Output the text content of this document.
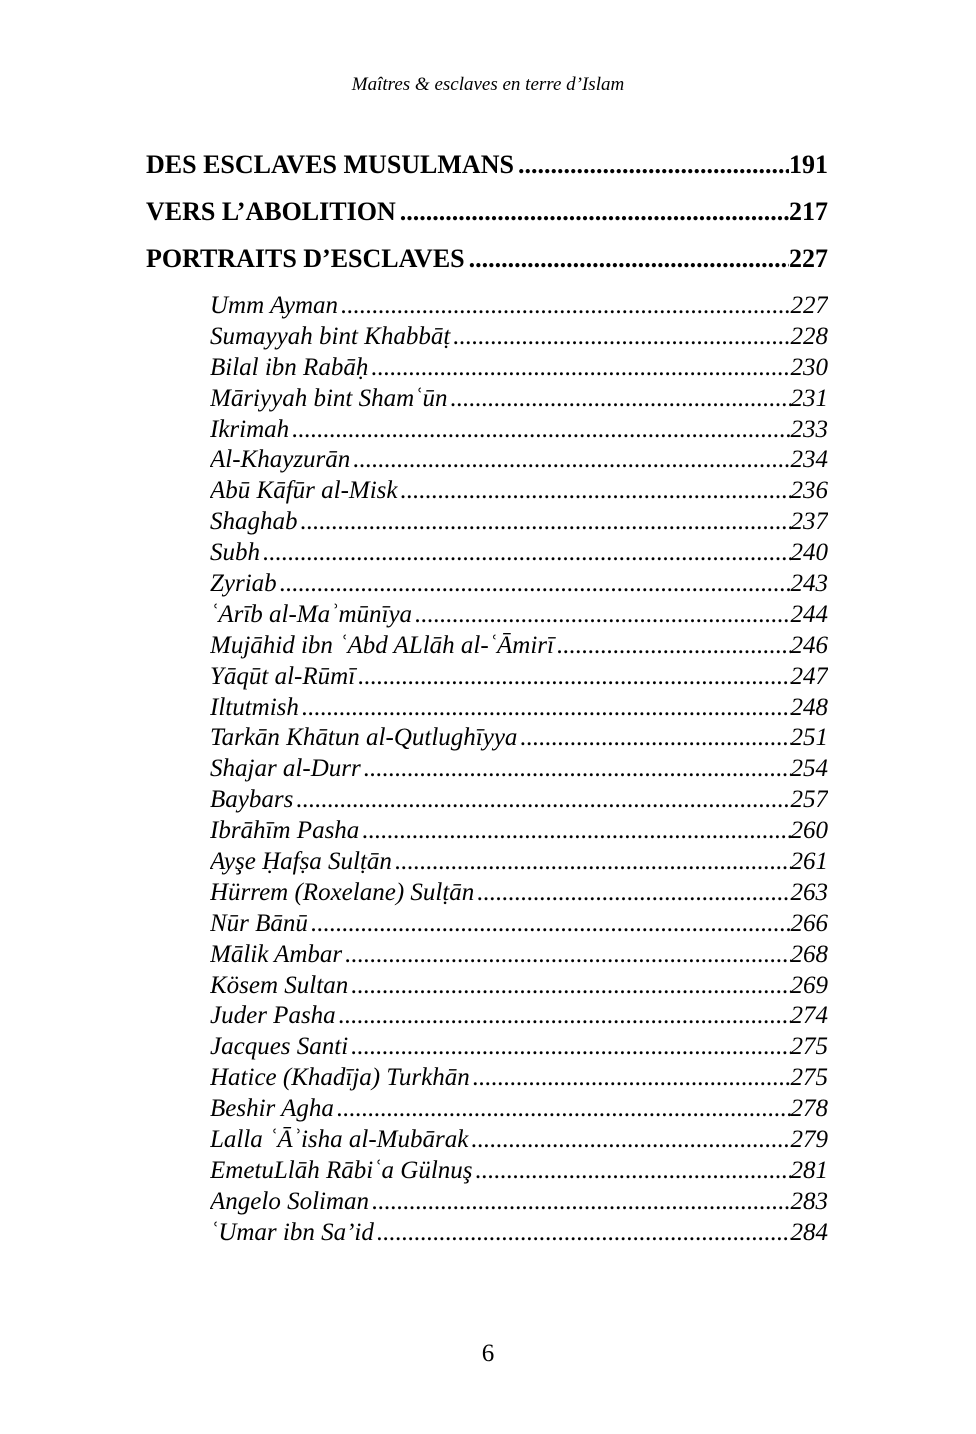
Maîtres & esclaves en terre d’Islam
DES ESCLAVES MUSULMANS .....	191
VERS L’ABOLITION .....	217
PORTRAITS D’ESCLAVES .....	227
Umm Ayman .....	227
Sumayyah bint Khabbāṭ .....	228
Bilal ibn Rabāḥ .....	230
Māriyyah bint Shamʿūn .....	231
Ikrimah .....	233
Al-Khayzurān .....	234
Abū Kāfūr al-Misk .....	236
Shaghab .....	237
Subh .....	240
Zyriab .....	243
ʿArīb al-Maʾmūnīya .....	244
Mujāhid ibn ʿAbd ALlāh al-ʿĀmirī .....	246
Yāqūt al-Rūmī .....	247
Iltutmish .....	248
Tarkān Khātun al-Qutlughīyya .....	251
Shajar al-Durr .....	254
Baybars .....	257
Ibrāhīm Pasha .....	260
Ayşe Ḥafṣa Sulṭān .....	261
Hürrem (Roxelane) Sulṭān .....	263
Nūr Bānū .....	266
Mālik Ambar .....	268
Kösem Sultan .....	269
Juder Pasha .....	274
Jacques Santi .....	275
Hatice (Khadīja) Turkhān .....	275
Beshir Agha .....	278
Lalla ʿĀʾisha al-Mubārak .....	279
EmetuLlāh Rābiʿa Gülnuş .....	281
Angelo Soliman .....	283
ʿUmar ibn Sa’id .....	284
6
